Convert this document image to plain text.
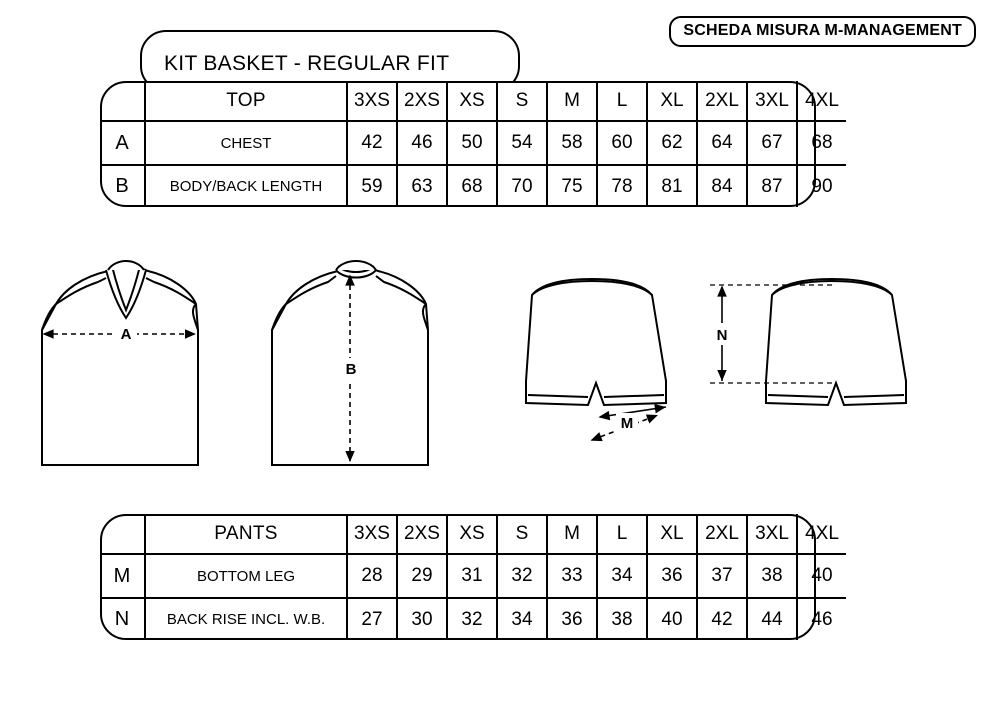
SCHEDA MISURA M-MANAGEMENT
KIT BASKET - REGULAR FIT
	TOP	3XS	2XS	XS	S	M	L	XL	2XL	3XL	4XL
A	CHEST	42	46	50	54	58	60	62	64	67	68
B	BODY/BACK LENGTH	59	63	68	70	75	78	81	84	87	90
	PANTS	3XS	2XS	XS	S	M	L	XL	2XL	3XL	4XL
M	BOTTOM LEG	28	29	31	32	33	34	36	37	38	40
N	BACK RISE INCL. W.B.	27	30	32	34	36	38	40	42	44	46
A
B
M
N
